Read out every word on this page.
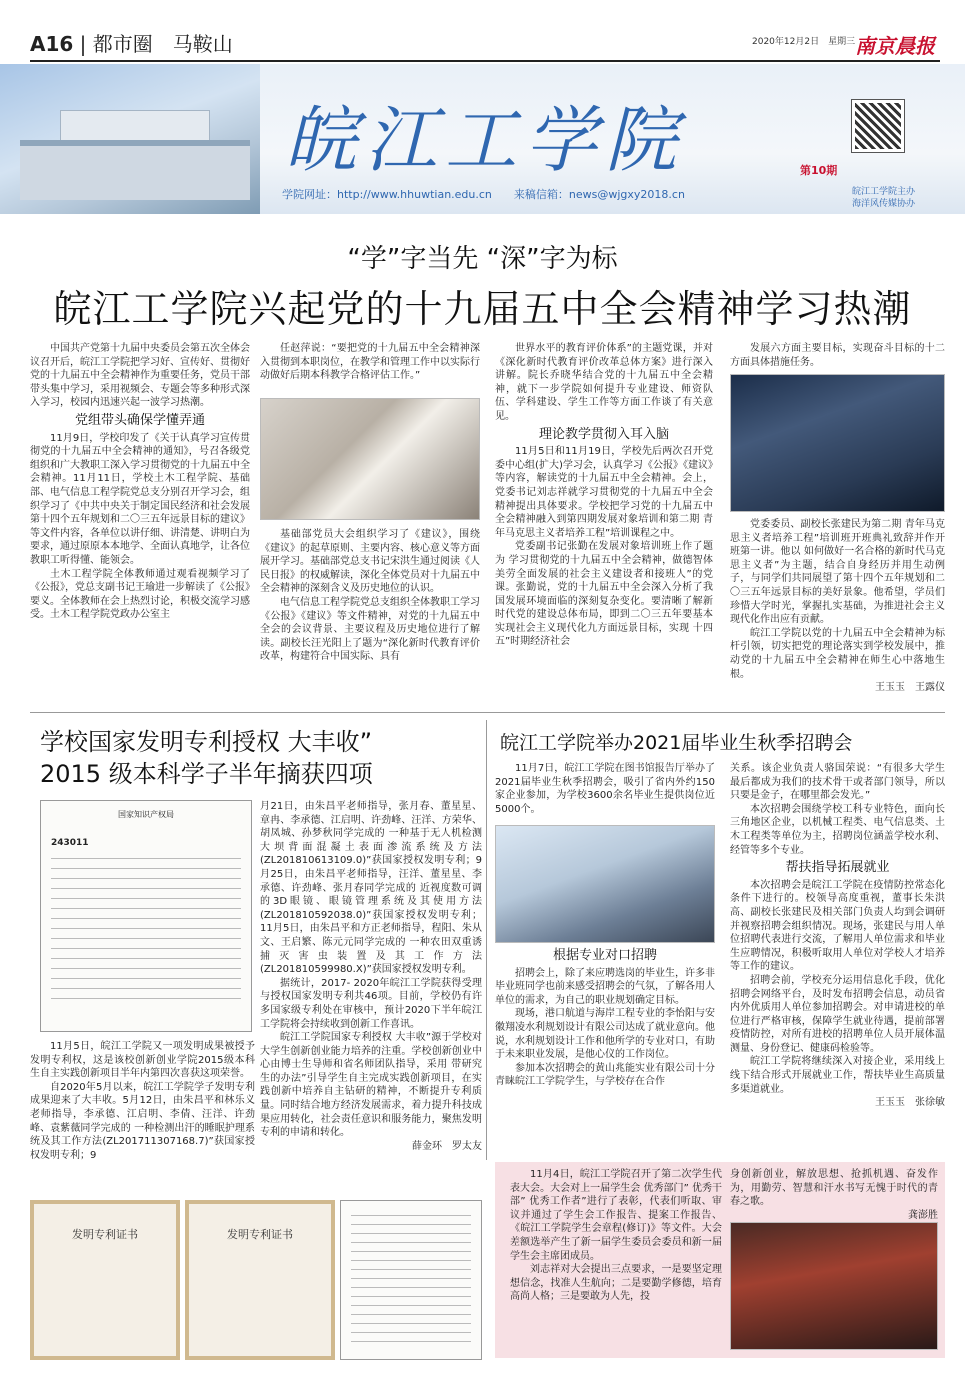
A16 | 都市圈　 马鞍山	2020年12月2日　星期三 南京晨报
皖江工学院
学院网址：http://www.hhuwtian.edu.cn　　 来稿信箱：news@wjgxy2018.cn
第10期
皖江工学院主办
海洋风传媒协办
“学”字当先 “深”字为标
皖江工学院兴起党的十九届五中全会精神学习热潮

中国共产党第十九届中央委员会第五次全体会议召开后，皖江工学院把学习好、宣传好、贯彻好党的十九届五中全会精神作为重要任务，党员干部带头集中学习，采用视频会、专题会等多种形式深入学习，校园内迅速兴起一波学习热潮。

党组带头确保学懂弄通

11月9日，学校印发了《关于认真学习宣传贯彻党的十九届五中全会精神的通知》，号召各级党组织和广大教职工深入学习贯彻党的十九届五中全会精神。11月11日，学校土木工程学院、基础部、电气信息工程学院党总支分别召开学习会，组织学习了《中共中央关于制定国民经济和社会发展第十四个五年规划和二〇三五年远景目标的建议》等文件内容，各单位以讲仔细、讲清楚、讲明白为要求，通过原原本本地学、全面认真地学，让各位教职工听得懂、能领会。

土木工程学院全体教师通过观看视频学习了《公报》，党总支副书记王瑜进一步解读了《公报》要义。全体教师在会上热烈讨论，积极交流学习感受。土木工程学院党政办公室主

任赵萍说：“要把党的十九届五中全会精神深入贯彻到本职岗位，在教学和管理工作中以实际行动做好后期本科教学合格评估工作。”

基础部党员大会组织学习了《建议》，围绕《建议》的起草原则、主要内容、核心意义等方面展开学习。基础部党总支书记宋洪生通过阅读《人民日报》的权威解读，深化全体党员对十九届五中全会精神的深刻含义及历史地位的认识。

电气信息工程学院党总支组织全体教职工学习《公报》《建议》等文件精神，对党的十九届五中全会的会议背景、主要议程及历史地位进行了解读。副校长汪光阳上了题为“深化新时代教育评价改革，构建符合中国实际、具有

世界水平的教育评价体系”的主题党课，并对《深化新时代教育评价改革总体方案》进行深入讲解。院长乔晓华结合党的十九届五中全会精神，就下一步学院如何提升专业建设、师资队伍、学科建设、学生工作等方面工作谈了有关意见。

理论教学贯彻入耳入脑

11月5日和11月19日，学校先后两次召开党委中心组(扩大)学习会，认真学习《公报》《建议》等内容，解读党的十九届五中全会精神。会上，党委书记刘志祥就学习贯彻党的十九届五中全会精神提出具体要求。学校把学习党的十九届五中全会精神融入到第四期发展对象培训和第二期 青年马克思主义者培养工程”培训课程之中。

党委副书记张勤在发展对象培训班上作了题为 学习贯彻党的十九届五中全会精神，做德智体美劳全面发展的社会主义建设者和接班人”的党课。张勤说，党的十九届五中全会深入分析了我国发展环境面临的深刻复杂变化。要清晰了解新时代党的建设总体布局，即到二〇三五年要基本实现社会主义现代化九方面远景目标，实现 十四五”时期经济社会

发展六方面主要目标，实现奋斗目标的十二方面具体措施任务。

党委委员、副校长张建民为第二期 青年马克思主义者培养工程”培训班开班典礼致辞并作开班第一讲。他以 如何做好一名合格的新时代马克思主义者”为主题，结合自身经历并用生动例子，与同学们共同展望了第十四个五年规划和二〇三五年远景目标的美好景象。他希望，学员们珍惜大学时光，掌握扎实基础，为推进社会主义现代化作出应有贡献。

皖江工学院以党的十九届五中全会精神为标杆引领，切实把党的理论落实到学校发展中，推动党的十九届五中全会精神在师生心中落地生根。

王玉玉　王露仪
学校国家发明专利授权 大丰收”
2015 级本科学子半年摘获四项
国家知识产权局
243011

11月5日，皖江工学院又一项发明成果被授予发明专利权，这是该校创新创业学院2015级本科生自主实践创新项目半年内第四次喜获这项荣誉。

自2020年5月以来，皖江工学院学子发明专利成果迎来了大丰收。5月12日，由朱昌平和林乐义老师指导，李承德、江启明、李倩、汪洋、许劲峰、袁紫薇同学完成的 一种检测出汗的睡眠护理系统及其工作方法(ZL201711307168.7)”获国家授权发明专利；9

月21日，由朱昌平老师指导，张月春、董星星、章冉、李承德、江启明、许劲峰、汪洋、方荣华、胡凤城、孙梦秋同学完成的 一种基于无人机检测大坝背面混凝土表面渗流系统及方法(ZL201810613109.0)”获国家授权发明专利；9月25日，由朱昌平老师指导，汪洋、董星星、李承德、许劲峰、张月春同学完成的 近视度数可调的3D眼镜、眼镜管理系统及其使用方法(ZL201810592038.0)”获国家授权发明专利；11月5日，由朱昌平和方正老师指导，程阳、朱从文、王启繁、陈元元同学完成的 一种农田双重诱捕灭害虫装置及其工作方法(ZL201810599980.X)”获国家授权发明专利。

据统计，2017- 2020年皖江工学院获得受理与授权国家发明专利共46项。目前，学校仍有许多国家级专利处在审核中，预计2020下半年皖江工学院将会持续收到创新工作喜讯。

皖江工学院国家专利授权 大丰收”源于学校对大学生创新创业能力培养的注重。学校创新创业中心由博士生导师和省名师团队指导，采用 带研究生的办法”引导学生自主完成实践创新项目，在实践创新中培养自主钻研的精神，不断提升专利质量。同时结合地方经济发展需求，着力提升科技成果应用转化，社会责任意识和服务能力，聚焦发明专利的申请和转化。

薛金环　罗太友
发明专利证书	发明专利证书
皖江工学院举办2021届毕业生秋季招聘会

11月7日，皖江工学院在图书馆报告厅举办了2021届毕业生秋季招聘会，吸引了省内外约150家企业参加，为学校3600余名毕业生提供岗位近5000个。

根据专业对口招聘

招聘会上，除了来应聘选岗的毕业生，许多非毕业班同学也前来感受招聘会的气氛，了解各用人单位的需求，为自己的职业规划确定目标。

现场，港口航道与海岸工程专业的李怡阳与安徽翔凌水利规划设计有限公司达成了就业意向。他说，水利规划设计工作和他所学的专业对口，有助于未来职业发展，是他心仪的工作岗位。

参加本次招聘会的黄山兆能实业有限公司十分青睐皖江工学院学生，与学校存在合作

关系。该企业负责人骆国荣说：“有很多大学生最后都成为我们的技术骨干或者部门领导，所以只要是金子，在哪里都会发光。”

本次招聘会围绕学校工科专业特色，面向长三角地区企业，以机械工程类、电气信息类、土木工程类等单位为主，招聘岗位涵盖学校水利、经管等多个专业。

帮扶指导拓展就业

本次招聘会是皖江工学院在疫情防控常态化条件下进行的。校领导高度重视，董事长朱洪高、副校长张建民及相关部门负责人均到会调研并视察招聘会组织情况。现场，张建民与用人单位招聘代表进行交流，了解用人单位需求和毕业生应聘情况，积极听取用人单位对学校人才培养等工作的建议。

招聘会前，学校充分运用信息化手段，优化招聘会网络平台，及时发布招聘会信息，动员省内外优质用人单位参加招聘会。对申请进校的单位进行严格审核，保障学生就业待遇，提前部署疫情防控，对所有进校的招聘单位人员开展体温测量、身份登记、健康码检验等。

皖江工学院将继续深入对接企业，采用线上线下结合形式开展就业工作，帮扶毕业生高质量多渠道就业。

王玉玉　张徐敏

11月4日，皖江工学院召开了第二次学生代表大会。大会对上一届学生会 优秀部门” 优秀干部” 优秀工作者”进行了表彰，代表们听取、审议并通过了学生会工作报告、提案工作报告、《皖江工学院学生会章程(修订)》等文件。大会差额选举产生了新一届学生委员会委员和新一届学生会主席团成员。

刘志祥对大会提出三点要求，一是要坚定理想信念，找准人生航向；二是要勤学修德，培育高尚人格；三是要敢为人先，投

身创新创业，解放思想、抢抓机遇、奋发作为，用勤劳、智慧和汗水书写无愧于时代的青春之歌。

龚澎胜
